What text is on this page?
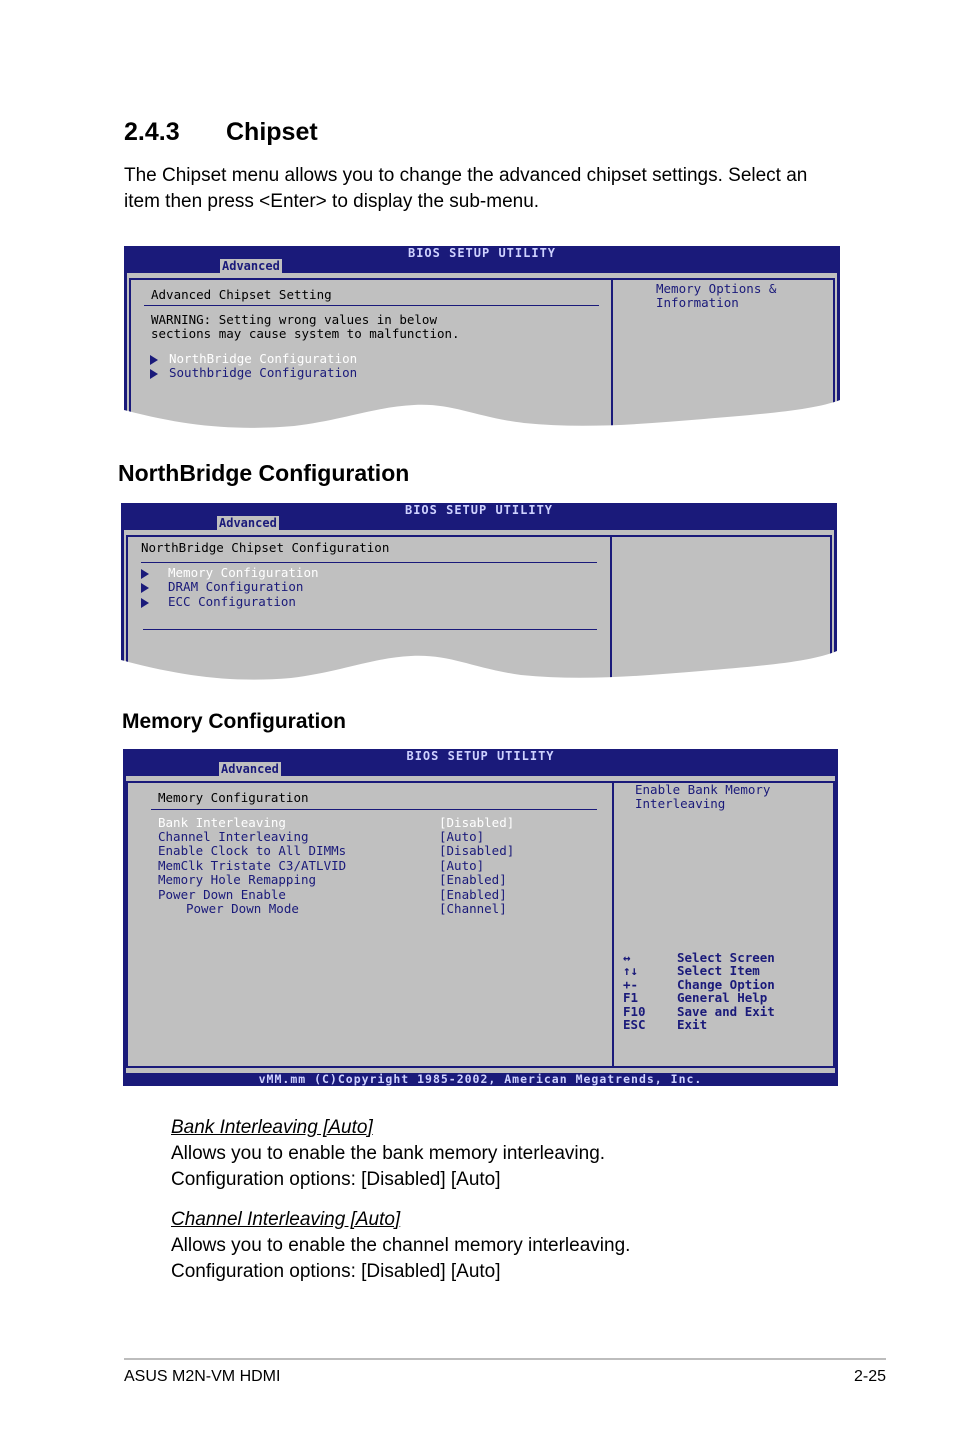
2.4.3 Chipset
The Chipset menu allows you to change the advanced chipset settings. Select an item then press <Enter> to display the sub-menu.
BIOS SETUP UTILITY
Advanced
Advanced Chipset Setting
WARNING: Setting wrong values in below
sections may cause system to malfunction.
NorthBridge Configuration
Southbridge Configuration
Memory Options &
Information
NorthBridge Configuration
BIOS SETUP UTILITY
Advanced
NorthBridge Chipset Configuration
Memory Configuration
DRAM Configuration
ECC Configuration
Memory Configuration
BIOS SETUP UTILITY
Advanced
Memory Configuration
Bank Interleaving	[Disabled]
Channel Interleaving	[Auto]
Enable Clock to All DIMMs	[Disabled]
MemClk Tristate C3/ATLVID	[Auto]
Memory Hole Remapping	[Enabled]
Power Down Enable	[Enabled]
Power Down Mode	[Channel]
Enable Bank Memory
Interleaving
↔	Select Screen
↑↓	Select Item
+-	Change Option
F1	General Help
F10	Save and Exit
ESC	Exit
vMM.mm (C)Copyright 1985-2002, American Megatrends, Inc.
Bank Interleaving [Auto]
Allows you to enable the bank memory interleaving.
Configuration options: [Disabled] [Auto]
Channel Interleaving [Auto]
Allows you to enable the channel memory interleaving.
Configuration options: [Disabled] [Auto]
ASUS M2N-VM HDMI	2-25
